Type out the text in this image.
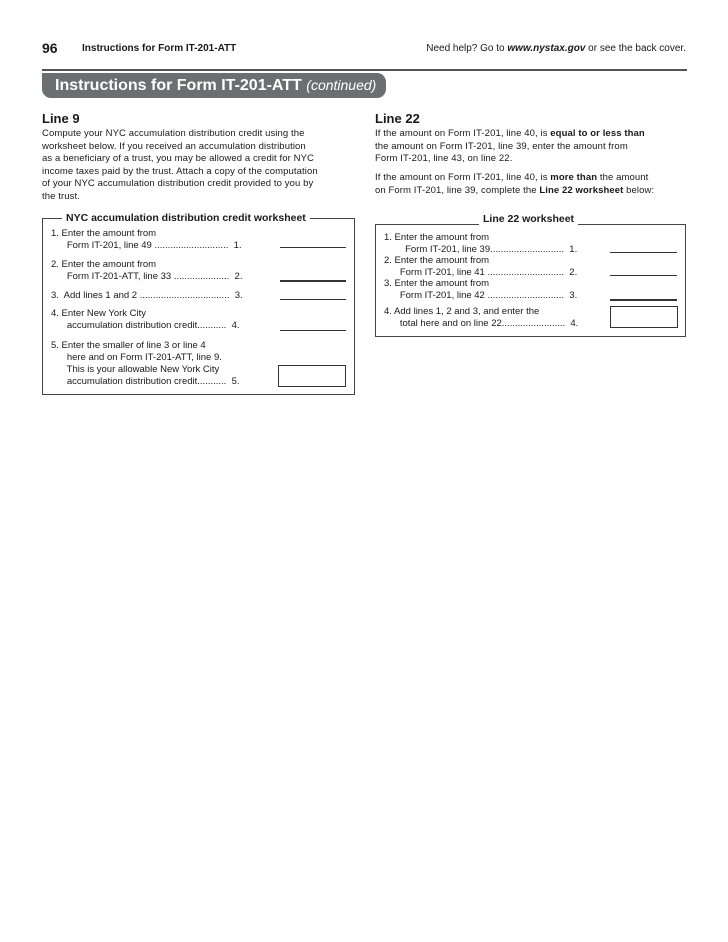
96 Instructions for Form IT-201-ATT	Need help? Go to www.nystax.gov or see the back cover.
Instructions for Form IT-201-ATT (continued)
Line 9
Compute your NYC accumulation distribution credit using the
worksheet below. If you received an accumulation distribution
as a beneficiary of a trust, you may be allowed a credit for NYC
income taxes paid by the trust. Attach a copy of the computation
of your NYC accumulation distribution credit provided to you by
the trust.
NYC accumulation distribution credit worksheet
1. Enter the amount from
Form IT-201, line 49 ............................  1.
2. Enter the amount from
Form IT-201-ATT, line 33 .....................  2.
3.  Add lines 1 and 2 ..................................  3.
4. Enter New York City
accumulation distribution credit...........  4.
5. Enter the smaller of line 3 or line 4
here and on Form IT-201-ATT, line 9.
This is your allowable New York City
accumulation distribution credit...........  5.
Line 22
If the amount on Form IT-201, line 40, is equal to or less than
the amount on Form IT-201, line 39, enter the amount from
Form IT-201, line 43, on line 22.
If the amount on Form IT-201, line 40, is more than the amount
on Form IT-201, line 39, complete the Line 22 worksheet below:
Line 22 worksheet
1. Enter the amount from
Form IT-201, line 39............................  1.
2. Enter the amount from
Form IT-201, line 41 .............................  2.
3. Enter the amount from
Form IT-201, line 42 .............................  3.
4. Add lines 1, 2 and 3, and enter the
total here and on line 22........................  4.
